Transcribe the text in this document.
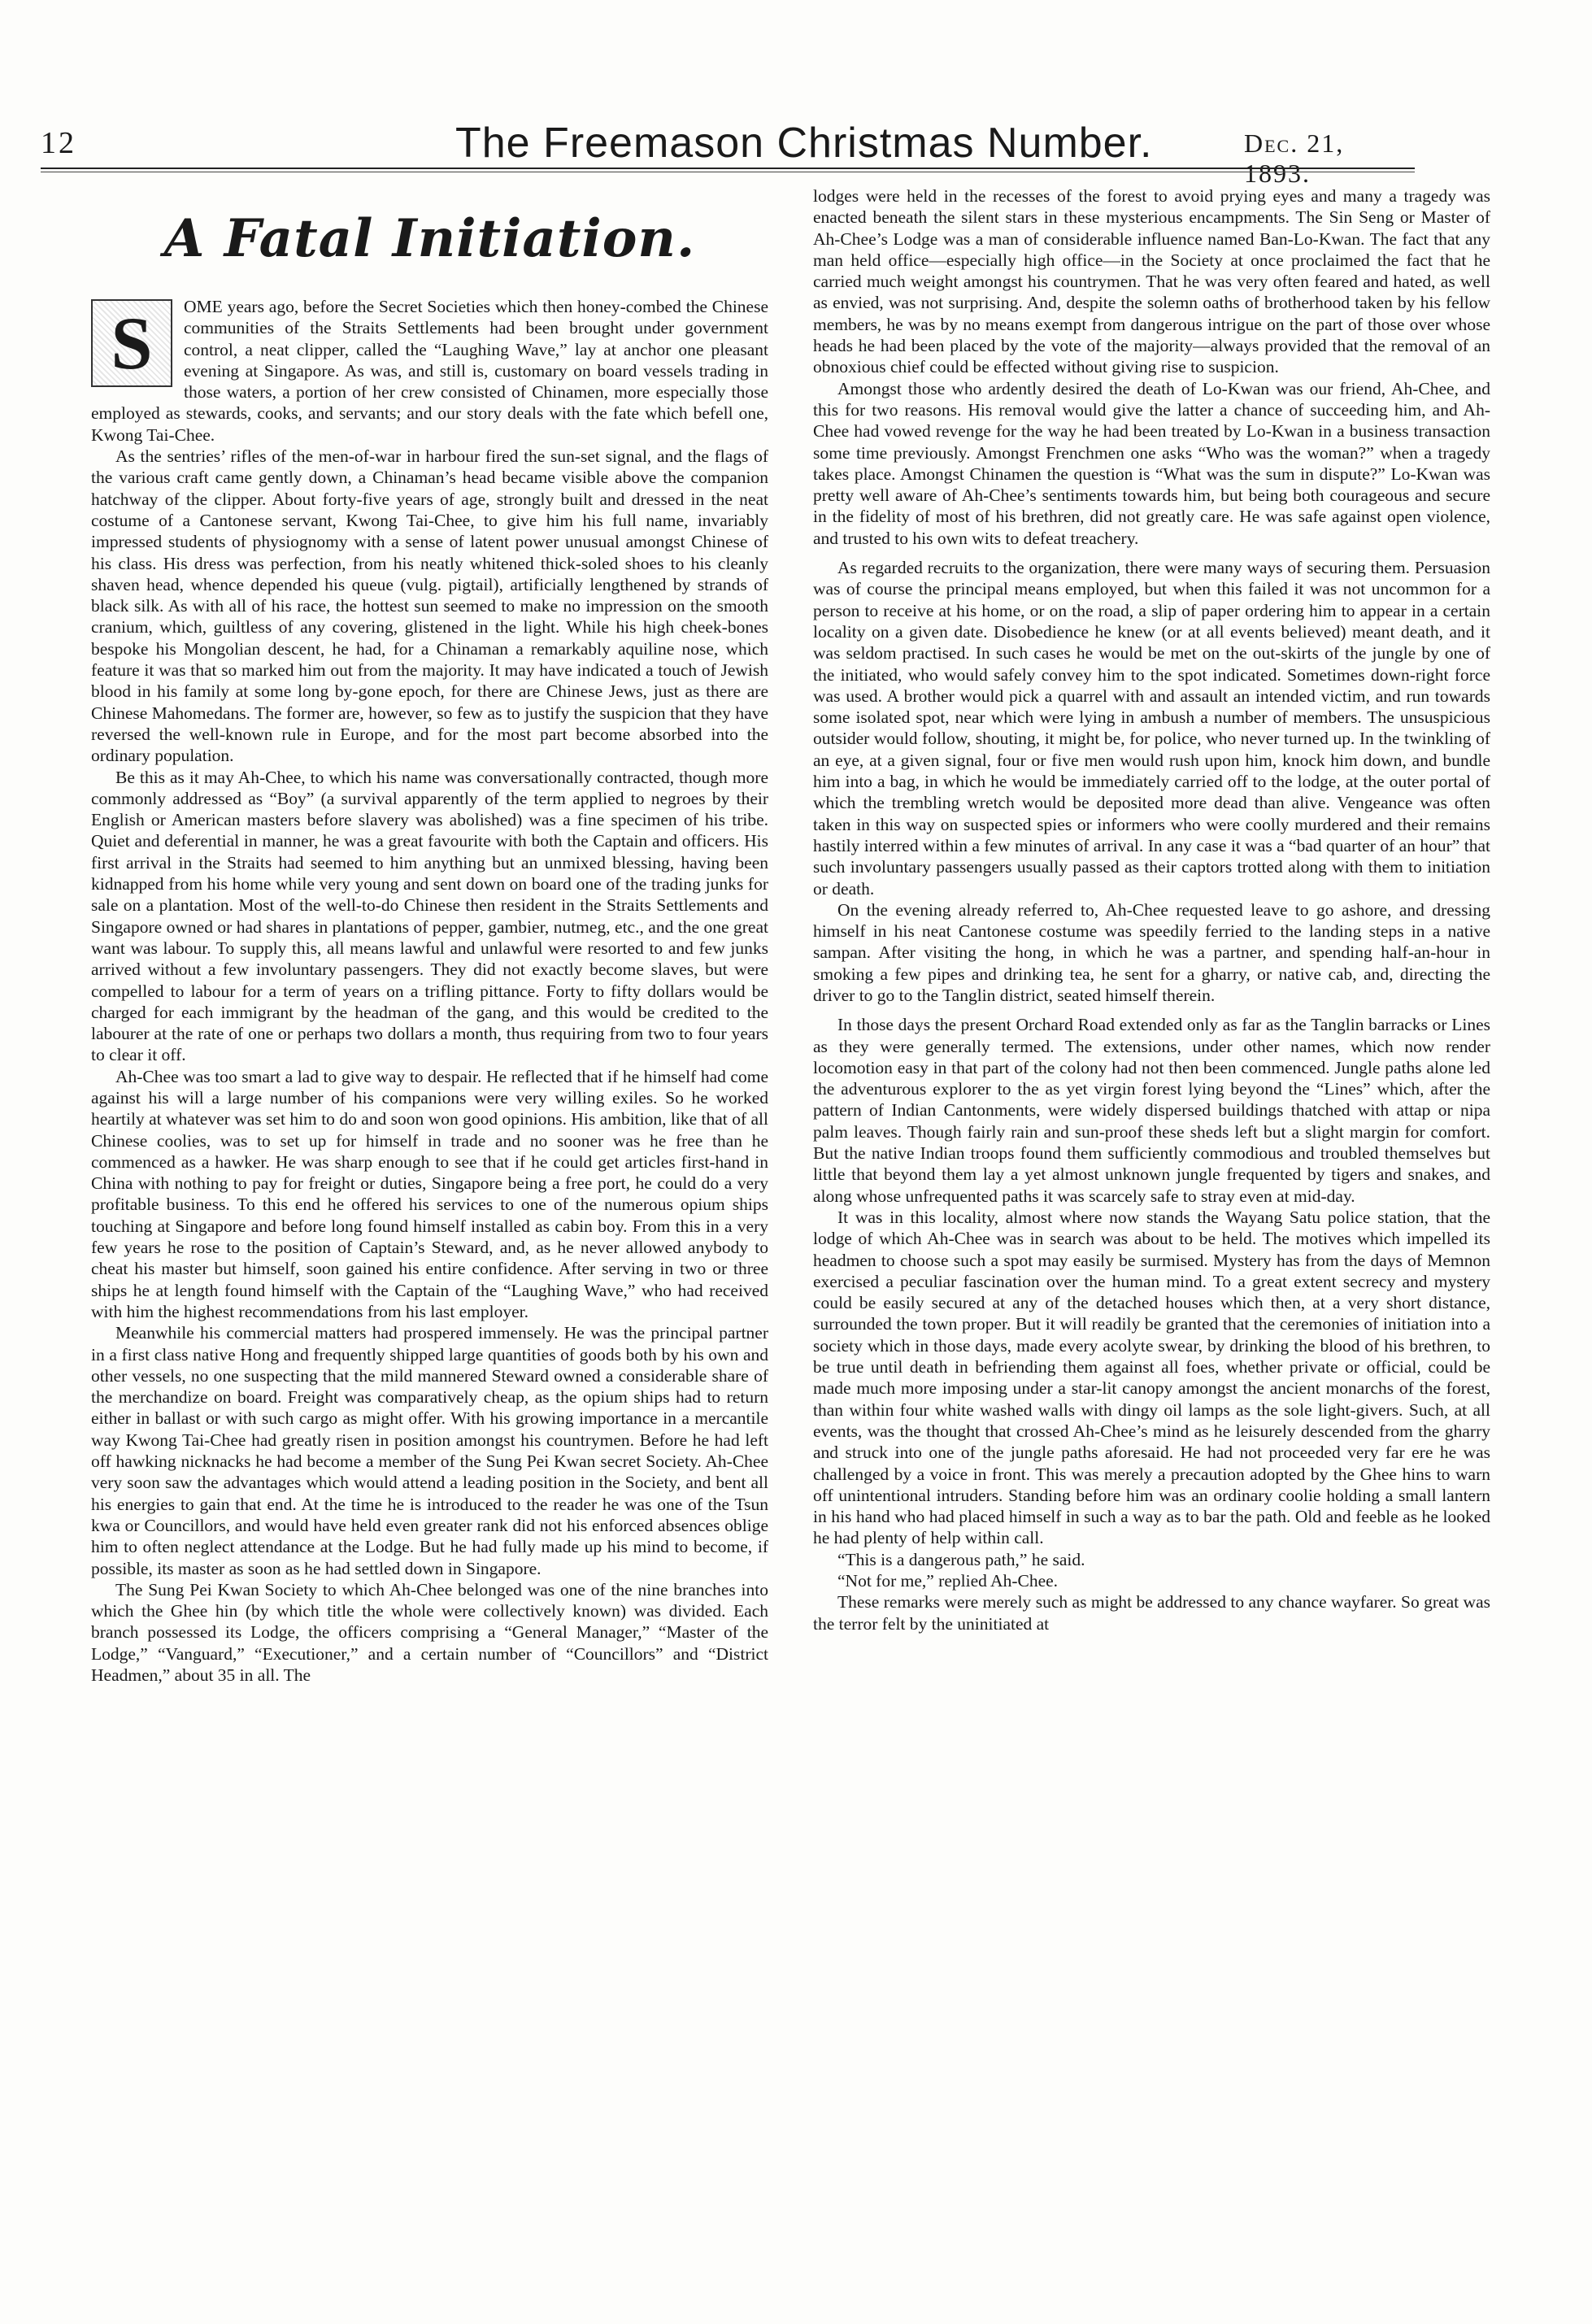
12	The Freemason Christmas Number.	Dec. 21, 1893.
A Fatal Initiation.

S	OME years ago, before the Secret Societies which then honey-combed the Chinese communities of the Straits Settlements had been brought under government control, a neat clipper, called the “Laughing Wave,” lay at anchor one pleasant evening at Singapore. As was, and still is, customary on board vessels trading in those waters, a portion of her crew consisted of Chinamen, more especially those employed as stewards, cooks, and servants; and our story deals with the fate which befell one, Kwong Tai-Chee.

As the sentries’ rifles of the men-of-war in harbour fired the sun-set signal, and the flags of the various craft came gently down, a Chinaman’s head became visible above the companion hatchway of the clipper. About forty-five years of age, strongly built and dressed in the neat costume of a Cantonese servant, Kwong Tai-Chee, to give him his full name, invariably impressed students of physiognomy with a sense of latent power unusual amongst Chinese of his class. His dress was perfection, from his neatly whitened thick-soled shoes to his cleanly shaven head, whence depended his queue (vulg. pigtail), artificially lengthened by strands of black silk. As with all of his race, the hottest sun seemed to make no impression on the smooth cranium, which, guiltless of any covering, glistened in the light. While his high cheek-bones bespoke his Mongolian descent, he had, for a Chinaman a remarkably aquiline nose, which feature it was that so marked him out from the majority. It may have indicated a touch of Jewish blood in his family at some long by-gone epoch, for there are Chinese Jews, just as there are Chinese Mahomedans. The former are, however, so few as to justify the suspicion that they have reversed the well-known rule in Europe, and for the most part become absorbed into the ordinary population.

Be this as it may Ah-Chee, to which his name was conversationally contracted, though more commonly addressed as “Boy” (a survival apparently of the term applied to negroes by their English or American masters before slavery was abolished) was a fine specimen of his tribe. Quiet and deferential in manner, he was a great favourite with both the Captain and officers. His first arrival in the Straits had seemed to him anything but an unmixed blessing, having been kidnapped from his home while very young and sent down on board one of the trading junks for sale on a plantation. Most of the well-to-do Chinese then resident in the Straits Settlements and Singapore owned or had shares in plantations of pepper, gambier, nutmeg, etc., and the one great want was labour. To supply this, all means lawful and unlawful were resorted to and few junks arrived without a few involuntary passengers. They did not exactly become slaves, but were compelled to labour for a term of years on a trifling pittance. Forty to fifty dollars would be charged for each immigrant by the headman of the gang, and this would be credited to the labourer at the rate of one or perhaps two dollars a month, thus requiring from two to four years to clear it off.

Ah-Chee was too smart a lad to give way to despair. He reflected that if he himself had come against his will a large number of his companions were very willing exiles. So he worked heartily at whatever was set him to do and soon won good opinions. His ambition, like that of all Chinese coolies, was to set up for himself in trade and no sooner was he free than he commenced as a hawker. He was sharp enough to see that if he could get articles first-hand in China with nothing to pay for freight or duties, Singapore being a free port, he could do a very profitable business. To this end he offered his services to one of the numerous opium ships touching at Singapore and before long found himself installed as cabin boy. From this in a very few years he rose to the position of Captain’s Steward, and, as he never allowed anybody to cheat his master but himself, soon gained his entire confidence. After serving in two or three ships he at length found himself with the Captain of the “Laughing Wave,” who had received with him the highest recommendations from his last employer.

Meanwhile his commercial matters had prospered immensely. He was the principal partner in a first class native Hong and frequently shipped large quantities of goods both by his own and other vessels, no one suspecting that the mild mannered Steward owned a considerable share of the merchandize on board. Freight was comparatively cheap, as the opium ships had to return either in ballast or with such cargo as might offer. With his growing importance in a mercantile way Kwong Tai-Chee had greatly risen in position amongst his countrymen. Before he had left off hawking nicknacks he had become a member of the Sung Pei Kwan secret Society. Ah-Chee very soon saw the advantages which would attend a leading position in the Society, and bent all his energies to gain that end. At the time he is introduced to the reader he was one of the Tsun kwa or Councillors, and would have held even greater rank did not his enforced absences oblige him to often neglect attendance at the Lodge. But he had fully made up his mind to become, if possible, its master as soon as he had settled down in Singapore.

The Sung Pei Kwan Society to which Ah-Chee belonged was one of the nine branches into which the Ghee hin (by which title the whole were collectively known) was divided. Each branch possessed its Lodge, the officers comprising a “General Manager,” “Master of the Lodge,” “Vanguard,” “Executioner,” and a certain number of “Councillors” and “District Headmen,” about 35 in all. The

lodges were held in the recesses of the forest to avoid prying eyes and many a tragedy was enacted beneath the silent stars in these mysterious encampments. The Sin Seng or Master of Ah-Chee’s Lodge was a man of considerable influence named Ban-Lo-Kwan. The fact that any man held office—especially high office—in the Society at once proclaimed the fact that he carried much weight amongst his countrymen. That he was very often feared and hated, as well as envied, was not surprising. And, despite the solemn oaths of brotherhood taken by his fellow members, he was by no means exempt from dangerous intrigue on the part of those over whose heads he had been placed by the vote of the majority—always provided that the removal of an obnoxious chief could be effected without giving rise to suspicion.

Amongst those who ardently desired the death of Lo-Kwan was our friend, Ah-Chee, and this for two reasons. His removal would give the latter a chance of succeeding him, and Ah-Chee had vowed revenge for the way he had been treated by Lo-Kwan in a business transaction some time previously. Amongst Frenchmen one asks “Who was the woman?” when a tragedy takes place. Amongst Chinamen the question is “What was the sum in dispute?” Lo-Kwan was pretty well aware of Ah-Chee’s sentiments towards him, but being both courageous and secure in the fidelity of most of his brethren, did not greatly care. He was safe against open violence, and trusted to his own wits to defeat treachery.

As regarded recruits to the organization, there were many ways of securing them. Persuasion was of course the principal means employed, but when this failed it was not uncommon for a person to receive at his home, or on the road, a slip of paper ordering him to appear in a certain locality on a given date. Disobedience he knew (or at all events believed) meant death, and it was seldom practised. In such cases he would be met on the out-skirts of the jungle by one of the initiated, who would safely convey him to the spot indicated. Sometimes down-right force was used. A brother would pick a quarrel with and assault an intended victim, and run towards some isolated spot, near which were lying in ambush a number of members. The unsuspicious outsider would follow, shouting, it might be, for police, who never turned up. In the twinkling of an eye, at a given signal, four or five men would rush upon him, knock him down, and bundle him into a bag, in which he would be immediately carried off to the lodge, at the outer portal of which the trembling wretch would be deposited more dead than alive. Vengeance was often taken in this way on suspected spies or informers who were coolly murdered and their remains hastily interred within a few minutes of arrival. In any case it was a “bad quarter of an hour” that such involuntary passengers usually passed as their captors trotted along with them to initiation or death.

On the evening already referred to, Ah-Chee requested leave to go ashore, and dressing himself in his neat Cantonese costume was speedily ferried to the landing steps in a native sampan. After visiting the hong, in which he was a partner, and spending half-an-hour in smoking a few pipes and drinking tea, he sent for a gharry, or native cab, and, directing the driver to go to the Tanglin district, seated himself therein.

In those days the present Orchard Road extended only as far as the Tanglin barracks or Lines as they were generally termed. The extensions, under other names, which now render locomotion easy in that part of the colony had not then been commenced. Jungle paths alone led the adventurous explorer to the as yet virgin forest lying beyond the “Lines” which, after the pattern of Indian Cantonments, were widely dispersed buildings thatched with attap or nipa palm leaves. Though fairly rain and sun-proof these sheds left but a slight margin for comfort. But the native Indian troops found them sufficiently commodious and troubled themselves but little that beyond them lay a yet almost unknown jungle frequented by tigers and snakes, and along whose unfrequented paths it was scarcely safe to stray even at mid-day.

It was in this locality, almost where now stands the Wayang Satu police station, that the lodge of which Ah-Chee was in search was about to be held. The motives which impelled its headmen to choose such a spot may easily be surmised. Mystery has from the days of Memnon exercised a peculiar fascination over the human mind. To a great extent secrecy and mystery could be easily secured at any of the detached houses which then, at a very short distance, surrounded the town proper. But it will readily be granted that the ceremonies of initiation into a society which in those days, made every acolyte swear, by drinking the blood of his brethren, to be true until death in befriending them against all foes, whether private or official, could be made much more imposing under a star-lit canopy amongst the ancient monarchs of the forest, than within four white washed walls with dingy oil lamps as the sole light-givers. Such, at all events, was the thought that crossed Ah-Chee’s mind as he leisurely descended from the gharry and struck into one of the jungle paths aforesaid. He had not proceeded very far ere he was challenged by a voice in front. This was merely a precaution adopted by the Ghee hins to warn off unintentional intruders. Standing before him was an ordinary coolie holding a small lantern in his hand who had placed himself in such a way as to bar the path. Old and feeble as he looked he had plenty of help within call.

“This is a dangerous path,” he said.

“Not for me,” replied Ah-Chee.

These remarks were merely such as might be addressed to any chance wayfarer. So great was the terror felt by the uninitiated at
